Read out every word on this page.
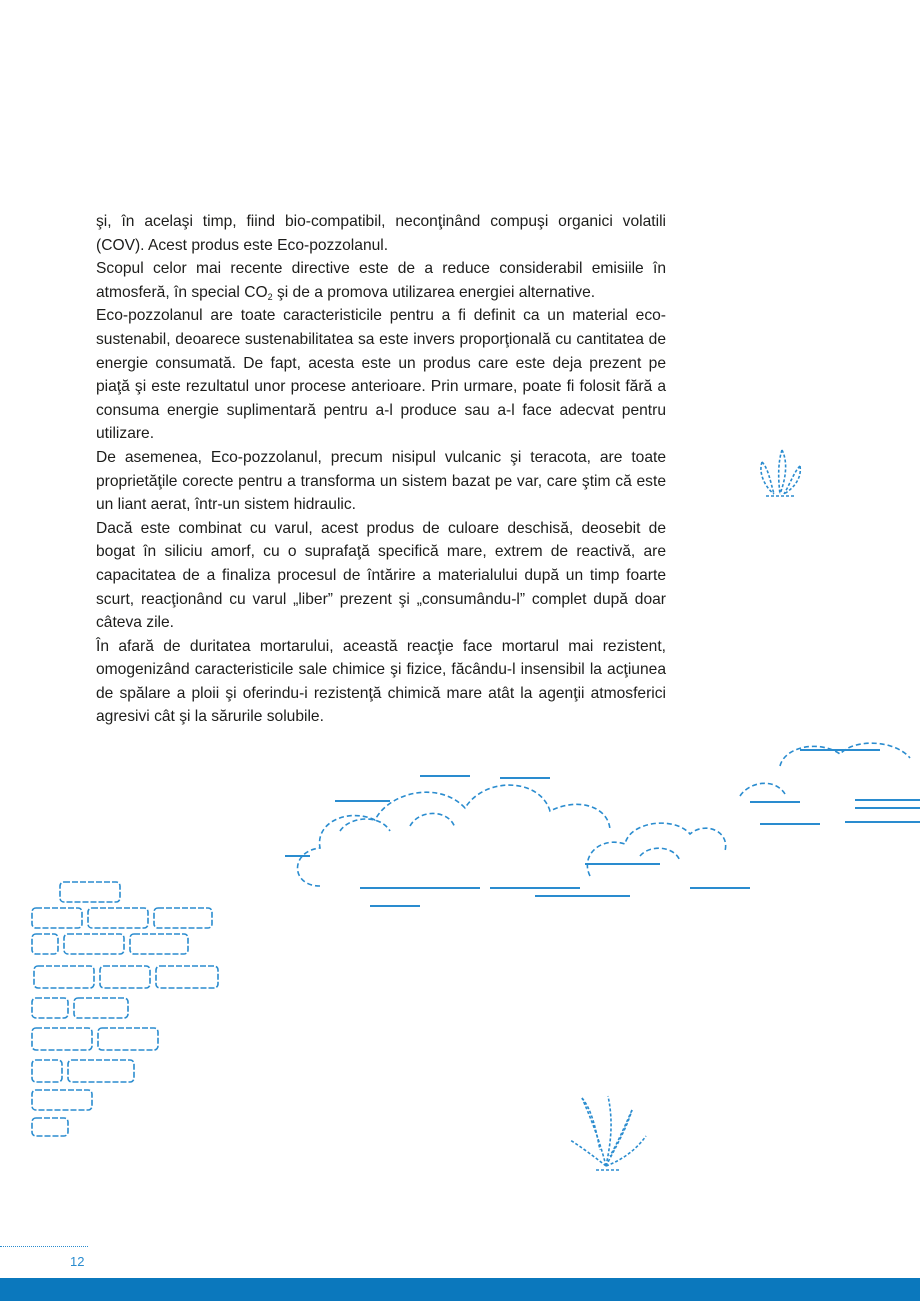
şi, în acelaşi timp, fiind bio-compatibil, neconţinând compuşi organici volatili (COV). Acest produs este Eco-pozzolanul.

Scopul celor mai recente directive este de a reduce considerabil emisiile în atmosferă, în special $CO_2$ şi de a promova utilizarea energiei alternative.

Eco-pozzolanul are toate caracteristicile pentru a fi definit ca un material eco-sustenabil, deoarece sustenabilitatea sa este invers proporţională cu cantitatea de energie consumată. De fapt, acesta este un produs care este deja prezent pe piaţă şi este rezultatul unor procese anterioare. Prin urmare, poate fi folosit fără a consuma energie suplimentară pentru a-l produce sau a-l face adecvat pentru utilizare.

De asemenea, Eco-pozzolanul, precum nisipul vulcanic şi teracota, are toate proprietăţile corecte pentru a transforma un sistem bazat pe var, care ştim că este un liant aerat, într-un sistem hidraulic.

Dacă este combinat cu varul, acest produs de culoare deschisă, deosebit de bogat în siliciu amorf, cu o suprafaţă specifică mare, extrem de reactivă, are capacitatea de a finaliza procesul de întărire a materialului după un timp foarte scurt, reacţionând cu varul „liber” prezent şi „consumându-l” complet după doar câteva zile.

În afară de duritatea mortarului, această reacţie face mortarul mai rezistent, omogenizând caracteristicile sale chimice şi fizice, făcându-l insensibil la acţiunea de spălare a ploii şi oferindu-i rezistenţă chimică mare atât la agenţii atmosferici agresivi cât şi la sărurile solubile.

12
